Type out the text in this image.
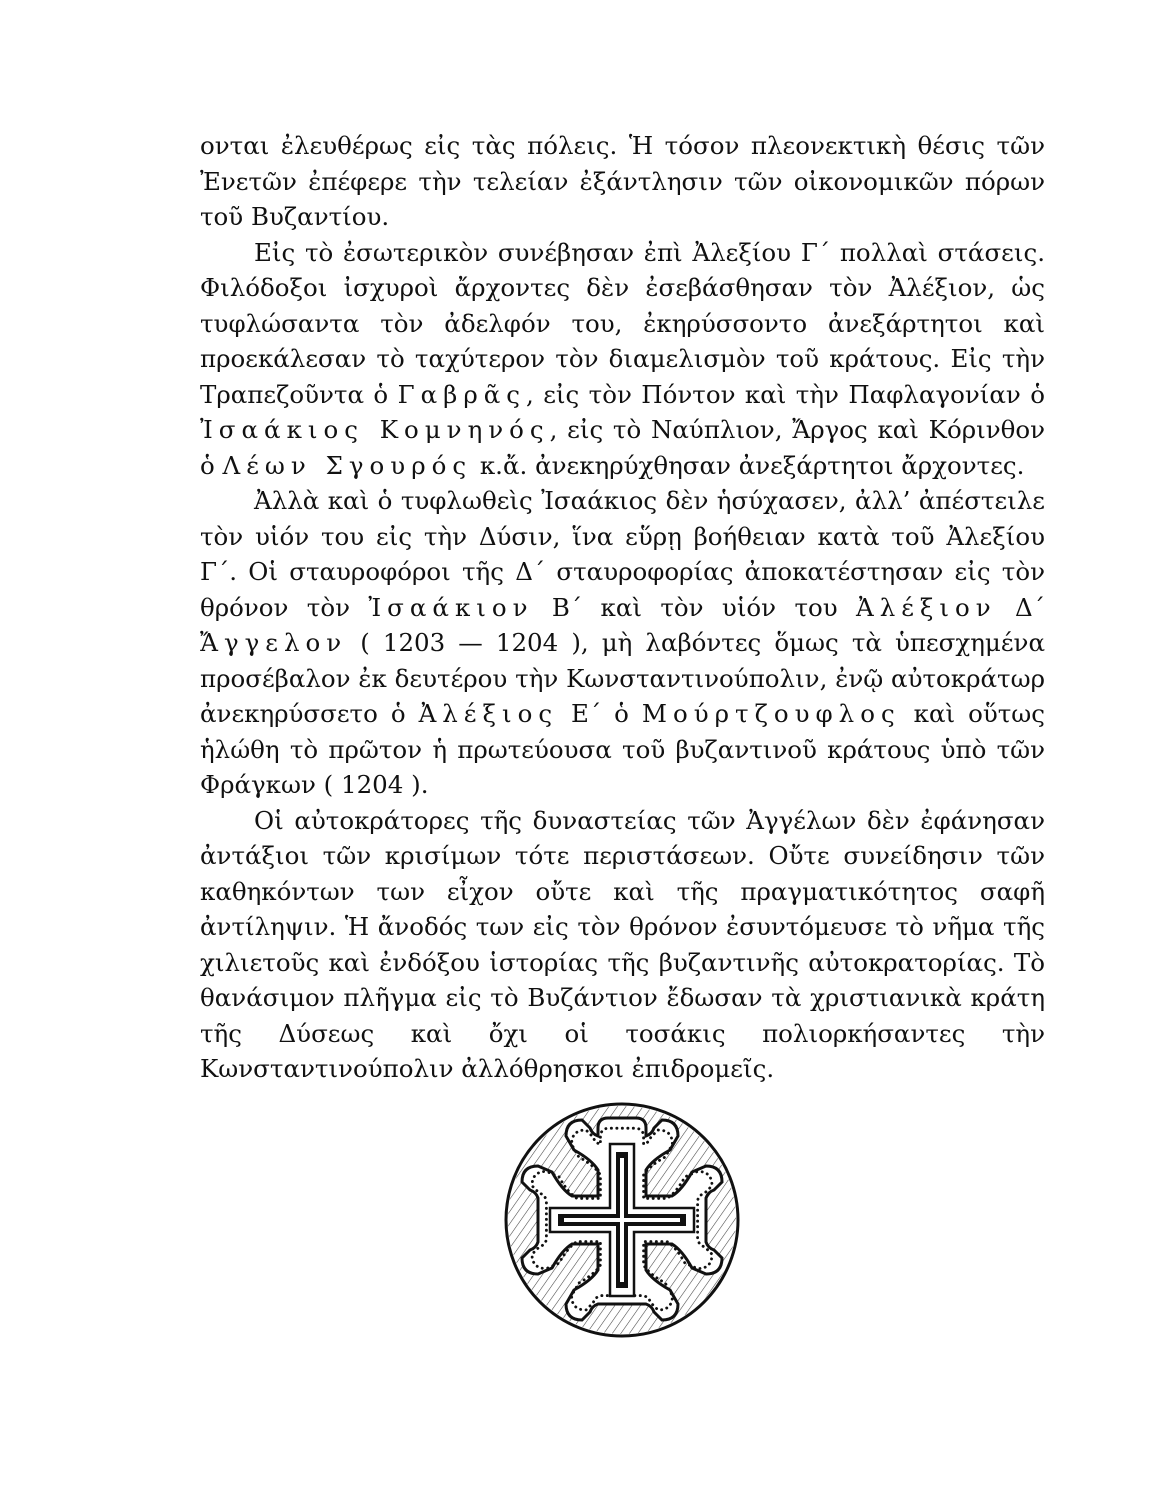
ονται ἐλευθέρως εἰς τὰς πόλεις. Ἡ τόσον πλεονεκτικὴ θέσις τῶν Ἐνετῶν ἐπέφερε τὴν τελείαν ἐξάντλησιν τῶν οἰκονομικῶν πόρων τοῦ Βυζαντίου.

Εἰς τὸ ἐσωτερικὸν συνέβησαν ἐπὶ Ἀλεξίου Γ΄ πολλαὶ στάσεις. Φιλόδοξοι ἰσχυροὶ ἄρχοντες δὲν ἐσεβάσθησαν τὸν Ἀλέξιον, ὡς τυφλώσαντα τὸν ἀδελφόν του, ἐκηρύσσοντο ἀνεξάρτητοι καὶ προεκάλεσαν τὸ ταχύτερον τὸν διαμελισμὸν τοῦ κράτους. Εἰς τὴν Τραπεζοῦντα ὁ Γαβρᾶς, εἰς τὸν Πόντον καὶ τὴν Παφλαγονίαν ὁ Ἰσαάκιος Κομνηνός, εἰς τὸ Ναύπλιον, Ἄργος καὶ Κόρινθον ὁ Λέων Σγουρός κ.ἄ. ἀνεκηρύχθησαν ἀνεξάρτητοι ἄρχοντες.

Ἀλλὰ καὶ ὁ τυφλωθεὶς Ἰσαάκιος δὲν ἡσύχασεν, ἀλλ’ ἀπέστειλε τὸν υἱόν του εἰς τὴν Δύσιν, ἵνα εὕρῃ βοήθειαν κατὰ τοῦ Ἀλεξίου Γ΄. Οἱ σταυροφόροι τῆς Δ΄ σταυροφορίας ἀποκατέστησαν εἰς τὸν θρόνον τὸν Ἰσαάκιον Β΄ καὶ τὸν υἱόν του Ἀλέξιον Δ΄ Ἄγγελον ( 1203 — 1204 ), μὴ λαβόντες ὅμως τὰ ὑπεσχημένα προσέβαλον ἐκ δευτέρου τὴν Κωνσταντινούπολιν, ἐνῷ αὐτοκράτωρ ἀνεκηρύσσετο ὁ Ἀλέξιος Ε΄ ὁ Μούρτζουφλος καὶ οὕτως ἡλώθη τὸ πρῶτον ἡ πρωτεύουσα τοῦ βυζαντινοῦ κράτους ὑπὸ τῶν Φράγκων ( 1204 ).

Οἱ αὐτοκράτορες τῆς δυναστείας τῶν Ἀγγέλων δὲν ἐφάνησαν ἀντάξιοι τῶν κρισίμων τότε περιστάσεων. Οὔτε συνείδησιν τῶν καθηκόντων των εἶχον οὔτε καὶ τῆς πραγματικότητος σαφῆ ἀντίληψιν. Ἡ ἄνοδός των εἰς τὸν θρόνον ἐσυντόμευσε τὸ νῆμα τῆς χιλιετοῦς καὶ ἐνδόξου ἱστορίας τῆς βυζαντινῆς αὐτοκρατορίας. Τὸ θανάσιμον πλῆγμα εἰς τὸ Βυζάντιον ἔδωσαν τὰ χριστιανικὰ κράτη τῆς Δύσεως καὶ ὄχι οἱ τοσάκις πολιορκήσαντες τὴν Κωνσταντινούπολιν ἀλλόθρησκοι ἐπιδρομεῖς.
